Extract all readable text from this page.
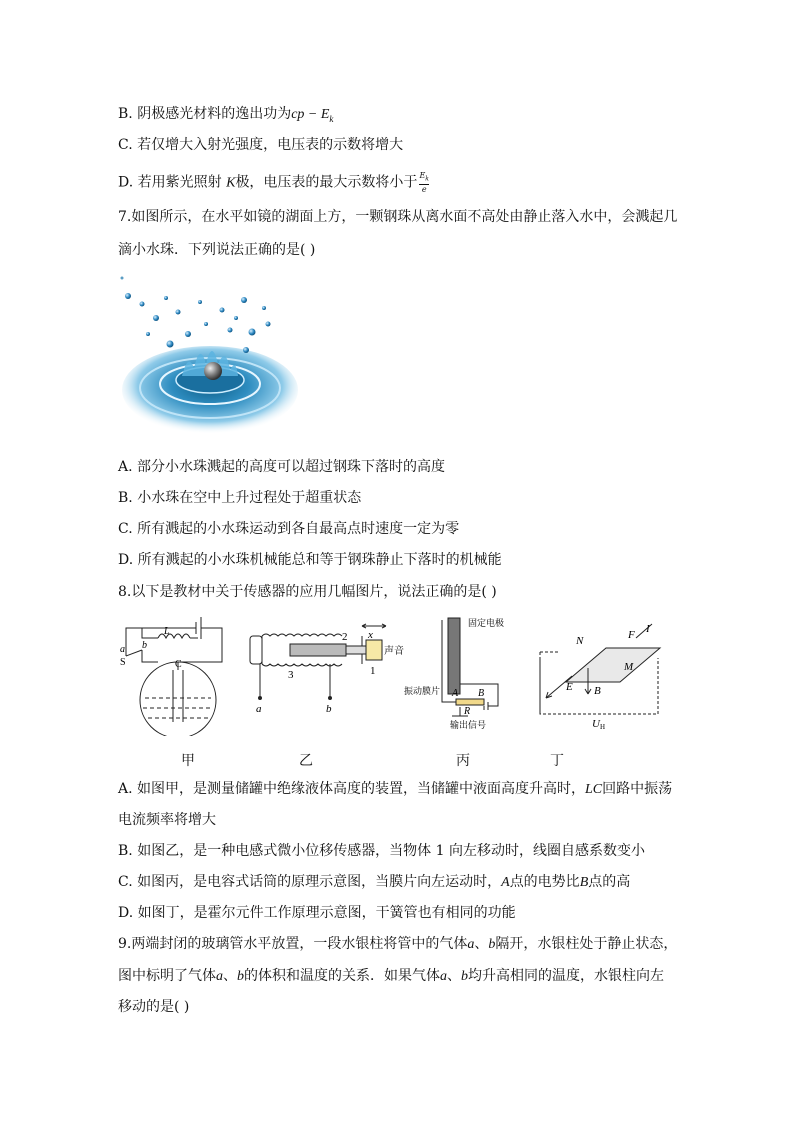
B. 阴极感光材料的逸出功为cp − $E_k$
C. 若仅增大入射光强度，电压表的示数将增大
D. 若用紫光照射 K极，电压表的最大示数将小于 $\frac{E_k}{e}$
7.如图所示，在水平如镜的湖面上方，一颗钢珠从离水面不高处由静止落入水中，会溅起几
滴小水珠．下列说法正确的是( )
A. 部分小水珠溅起的高度可以超过钢珠下落时的高度
B. 小水珠在空中上升过程处于超重状态
C. 所有溅起的小水珠运动到各自最高点时速度一定为零
D. 所有溅起的小水珠机械能总和等于钢珠静止下落时的机械能
8.以下是教材中关于传感器的应用几幅图片，说法正确的是( )
a b
L
S	C
甲
2 x
声音
3	1
a	b
乙
固定电极
振动膜片 A B
R
输出信号
丙
N	F I
M
E B
UH
丁
A. 如图甲，是测量储罐中绝缘液体高度的装置，当储罐中液面高度升高时，LC回路中振荡
电流频率将增大
B. 如图乙，是一种电感式微小位移传感器，当物体 1 向左移动时，线圈自感系数变小
C. 如图丙，是电容式话筒的原理示意图，当膜片向左运动时，A点的电势比B点的高
D. 如图丁，是霍尔元件工作原理示意图，干簧管也有相同的功能
9.两端封闭的玻璃管水平放置，一段水银柱将管中的气体a、b隔开，水银柱处于静止状态，
图中标明了气体a、b的体积和温度的关系．如果气体a、b均升高相同的温度，水银柱向左
移动的是( )
